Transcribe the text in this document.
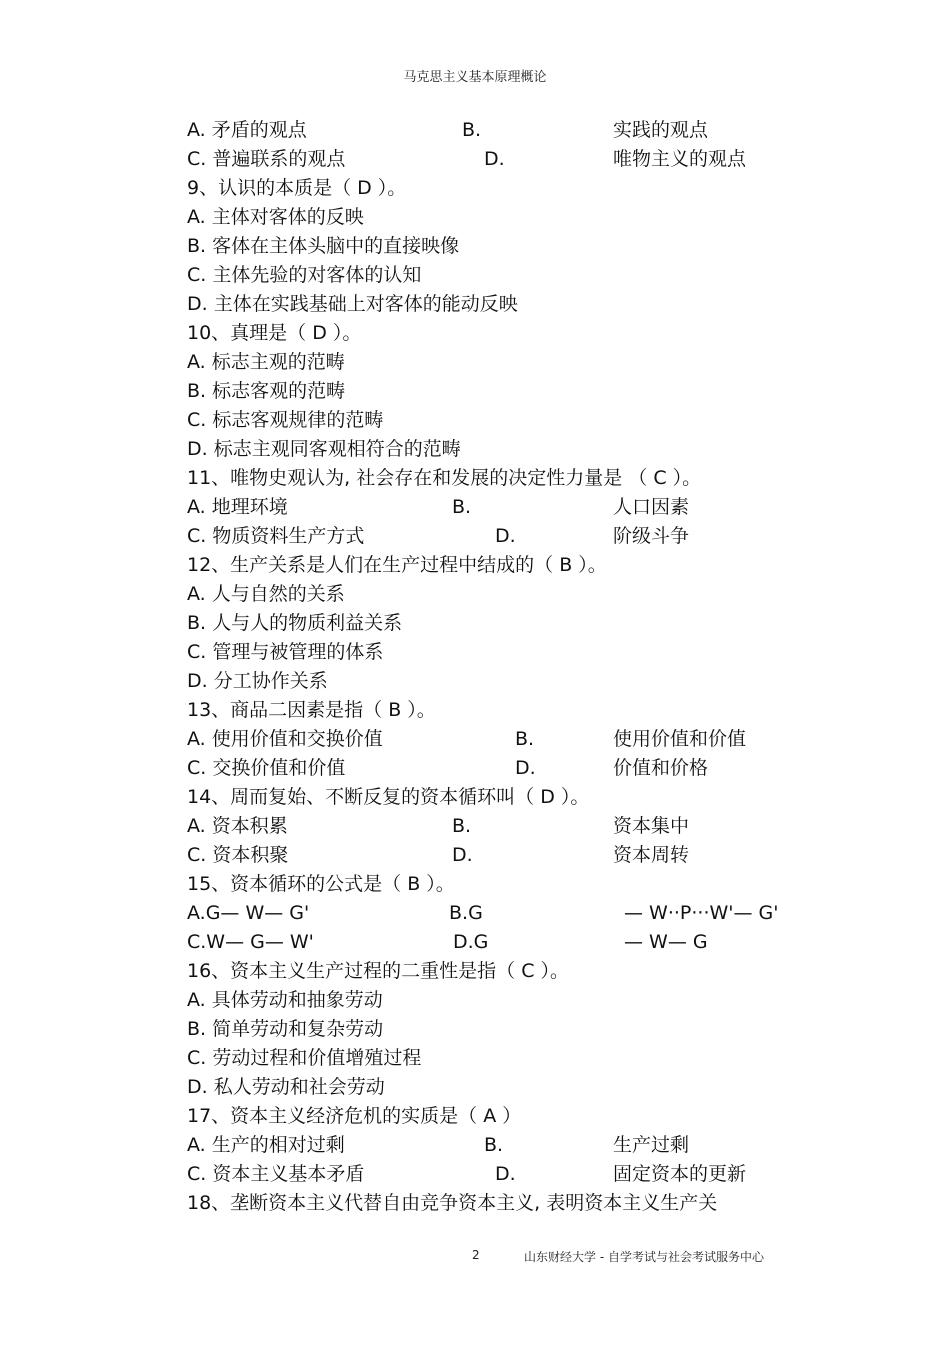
马克思主义基本原理概论
A. 矛盾的观点	B.	实践的观点
C. 普遍联系的观点	D.	唯物主义的观点
9、认识的本质是（ D ）。
A. 主体对客体的反映
B. 客体在主体头脑中的直接映像
C. 主体先验的对客体的认知
D. 主体在实践基础上对客体的能动反映
10、真理是（ D ）。
A. 标志主观的范畴
B. 标志客观的范畴
C. 标志客观规律的范畴
D. 标志主观同客观相符合的范畴
11、唯物史观认为, 社会存在和发展的决定性力量是 （ C ）。
A. 地理环境	B.	人口因素
C. 物质资料生产方式	D.	阶级斗争
12、生产关系是人们在生产过程中结成的（ B ）。
A. 人与自然的关系
B. 人与人的物质利益关系
C. 管理与被管理的体系
D. 分工协作关系
13、商品二因素是指（ B ）。
A. 使用价值和交换价值	B.	使用价值和价值
C. 交换价值和价值	D.	价值和价格
14、周而复始、不断反复的资本循环叫（ D ）。
A. 资本积累	B.	资本集中
C. 资本积聚	D.	资本周转
15、资本循环的公式是（ B ）。
A.G— W— G'	B.G	— W··P···W'— G'
C.W— G— W'	D.G	— W— G
16、资本主义生产过程的二重性是指（ C ）。
A. 具体劳动和抽象劳动
B. 简单劳动和复杂劳动
C. 劳动过程和价值增殖过程
D. 私人劳动和社会劳动
17、资本主义经济危机的实质是（ A ）
A. 生产的相对过剩	B.	生产过剩
C. 资本主义基本矛盾	D.	固定资本的更新
18、垄断资本主义代替自由竞争资本主义, 表明资本主义生产关
2	山东财经大学 - 自学考试与社会考试服务中心
